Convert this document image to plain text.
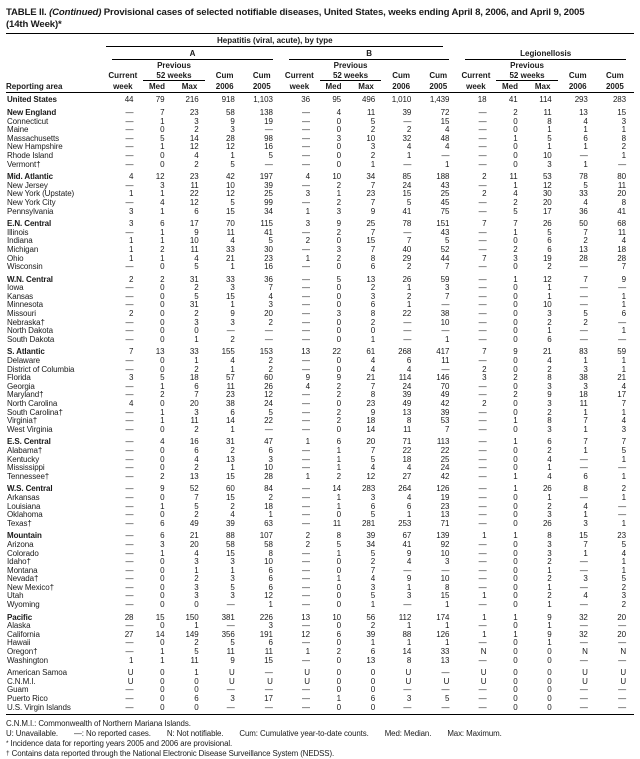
TABLE II. (Continued) Provisional cases of selected notifiable diseases, United States, weeks ending April 8, 2006, and April 9, 2005
(14th Week)*

	Hepatitis (viral, acute), by type														

	A					B					Legionellosis				

	Current	Previous
52 weeks		Cum	Cum	Current	Previous
52 weeks		Cum	Cum	Current	Previous
52 weeks		Cum	Cum
Reporting area	week	Med	Max	2006	2005	week	Med	Max	2006	2005	week	Med	Max	2006	2005
United States	44	79	216	918	1,103	36	95	496	1,010	1,439	18	41	114	293	283
New England	—	7	23	58	138	—	4	11	39	72	—	2	11	13	15
Connecticut	—	1	3	9	19	—	0	5	—	15	—	0	8	4	3
Maine	—	0	2	3	—	—	0	2	2	4	—	0	1	1	1
Massachusetts	—	5	14	28	98	—	3	10	32	48	—	1	5	6	8
New Hampshire	—	1	12	12	16	—	0	3	4	4	—	0	1	1	2
Rhode Island	—	0	4	1	5	—	0	2	1	—	—	0	10	—	1
Vermont†	—	0	2	5	—	—	0	1	—	1	—	0	3	1	—
Mid. Atlantic	4	12	23	42	197	4	10	34	85	188	2	11	53	78	80
New Jersey	—	3	11	10	39	—	2	7	24	43	—	1	12	5	11
New York (Upstate)	1	1	22	12	25	3	1	23	15	25	2	4	30	33	20
New York City	—	4	12	5	99	—	2	7	5	45	—	2	20	4	8
Pennsylvania	3	1	6	15	34	1	3	9	41	75	—	5	17	36	41
E.N. Central	3	6	17	70	115	3	9	25	78	151	7	7	26	50	68
Illinois	—	1	9	11	41	—	2	7	—	43	—	1	5	7	11
Indiana	1	1	10	4	5	2	0	15	7	5	—	0	6	2	4
Michigan	1	2	11	33	30	—	3	7	40	52	—	2	6	13	18
Ohio	1	1	4	21	23	1	2	8	29	44	7	3	19	28	28
Wisconsin	—	0	5	1	16	—	0	6	2	7	—	0	2	—	7
W.N. Central	2	2	31	33	36	—	5	13	26	59	—	1	12	7	9
Iowa	—	0	2	3	7	—	0	2	1	3	—	0	1	—	—
Kansas	—	0	5	15	4	—	0	3	2	7	—	0	1	—	1
Minnesota	—	0	31	1	3	—	0	6	1	—	—	0	10	—	1
Missouri	2	0	2	9	20	—	3	8	22	38	—	0	3	5	6
Nebraska†	—	0	3	3	2	—	0	2	—	10	—	0	2	2	—
North Dakota	—	0	0	—	—	—	0	0	—	—	—	0	1	—	1
South Dakota	—	0	1	2	—	—	0	1	—	1	—	0	6	—	—
S. Atlantic	7	13	33	155	153	13	22	61	268	417	7	9	21	83	59
Delaware	—	0	1	4	2	—	0	4	6	11	—	0	4	1	1
District of Columbia	—	0	2	1	2	—	0	4	4	—	2	0	2	3	1
Florida	3	5	18	57	60	9	9	21	114	146	3	2	8	38	21
Georgia	—	1	6	11	26	4	2	7	24	70	—	0	3	3	4
Maryland†	—	2	7	23	12	—	2	8	39	49	—	2	9	18	17
North Carolina	4	0	20	38	24	—	0	23	49	42	2	0	3	11	7
South Carolina†	—	1	3	6	5	—	2	9	13	39	—	0	2	1	1
Virginia†	—	1	11	14	22	—	2	18	8	53	—	1	8	7	4
West Virginia	—	0	2	1	—	—	0	14	11	7	—	0	3	1	3
E.S. Central	—	4	16	31	47	1	6	20	71	113	—	1	6	7	7
Alabama†	—	0	6	2	6	—	1	7	22	22	—	0	2	1	5
Kentucky	—	0	4	13	3	—	1	5	18	25	—	0	4	—	1
Mississippi	—	0	2	1	10	—	1	4	4	24	—	0	1	—	—
Tennessee†	—	2	13	15	28	1	2	12	27	42	—	1	4	6	1
W.S. Central	—	9	52	60	84	—	14	283	264	126	—	1	26	8	2
Arkansas	—	0	7	15	2	—	1	3	4	19	—	0	1	—	1
Louisiana	—	1	5	2	18	—	1	6	6	23	—	0	2	4	—
Oklahoma	—	0	2	4	1	—	0	5	1	13	—	0	3	1	—
Texas†	—	6	49	39	63	—	11	281	253	71	—	0	26	3	1
Mountain	—	6	21	88	107	2	8	39	67	139	1	1	8	15	23
Arizona	—	3	20	58	58	2	5	34	41	92	—	0	3	7	5
Colorado	—	1	4	15	8	—	1	5	9	10	—	0	3	1	4
Idaho†	—	0	3	3	10	—	0	2	4	3	—	0	2	—	1
Montana	—	0	1	1	6	—	0	7	—	—	—	0	1	—	1
Nevada†	—	0	2	3	6	—	1	4	9	10	—	0	2	3	5
New Mexico†	—	0	3	5	6	—	0	3	1	8	—	0	1	—	2
Utah	—	0	3	3	12	—	0	5	3	15	1	0	2	4	3
Wyoming	—	0	0	—	1	—	0	1	—	1	—	0	1	—	2
Pacific	28	15	150	381	226	13	10	56	112	174	1	1	9	32	20
Alaska	—	0	1	—	3	—	0	2	1	1	—	0	1	—	—
California	27	14	149	356	191	12	6	39	88	126	1	1	9	32	20
Hawaii	—	0	2	5	6	—	0	1	1	1	—	0	1	—	—
Oregon†	—	1	5	11	11	1	2	6	14	33	N	0	0	N	N
Washington	1	1	11	9	15	—	0	13	8	13	—	0	0	—	—
American Samoa	U	0	1	U	—	U	0	0	U	—	U	0	0	U	U
C.N.M.I.	U	0	0	U	U	U	0	0	U	U	U	0	0	U	U
Guam	—	0	0	—	—	—	0	0	—	—	—	0	0	—	—
Puerto Rico	—	0	6	3	17	—	1	6	3	5	—	0	0	—	—
U.S. Virgin Islands	—	0	0	—	—	—	0	0	—	—	—	0	0	—	—
C.N.M.I.: Commonwealth of Northern Mariana Islands.
U: Unavailable. —: No reported cases. N: Not notifiable. Cum: Cumulative year-to-date counts. Med: Median. Max: Maximum.
* Incidence data for reporting years 2005 and 2006 are provisional.
† Contains data reported through the National Electronic Disease Surveillance System (NEDSS).
